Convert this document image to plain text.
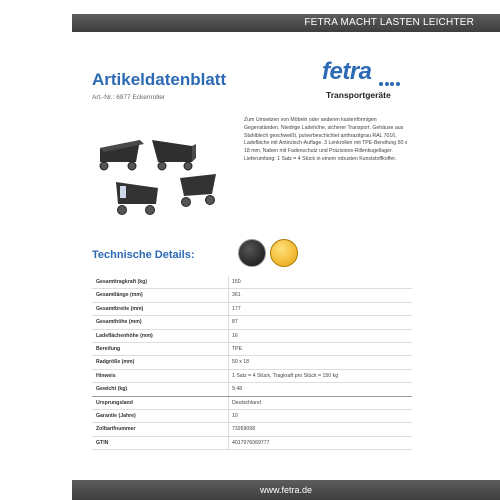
FETRA MACHT LASTEN LEICHTER
Artikeldatenblatt
Art.-Nr.: 6977 Eckenroller
fetra
Transportgeräte
Zum Umsetzen von Möbeln oder anderen kastenförmigen Gegenständen. Niedrige Ladehöhe, sicherer Transport. Gehäuse aus Stahlblech geschweißt, pulverbeschichtet anthrazitgrau RAL 7016, Ladefläche mit Antirutsch-Auflage. 3 Lenkrollen mit TPE-Bereifung 50 x 18 mm, Naben mit Fadenschutz und Präzisions-Rillenkugellager. Lieferumfang: 1 Satz = 4 Stück in einem robusten Kunststoffkoffer.
Technische Details:
Gesamttragkraft (kg)	150
Gesamtlänge (mm)	361
Gesamtbreite (mm)	177
Gesamthöhe (mm)	87
Ladeflächenhöhe (mm)	16
Bereifung	TPE
Radgröße (mm)	50 x 18
Hinweis	1 Satz = 4 Stück, Tragkraft pro Stück = 150 kg
Gewicht (kg)	9.48
Ursprungsland	Deutschland
Garantie (Jahre)	10
Zolltarifnummer	73269098
GTIN	4017976069777
www.fetra.de
